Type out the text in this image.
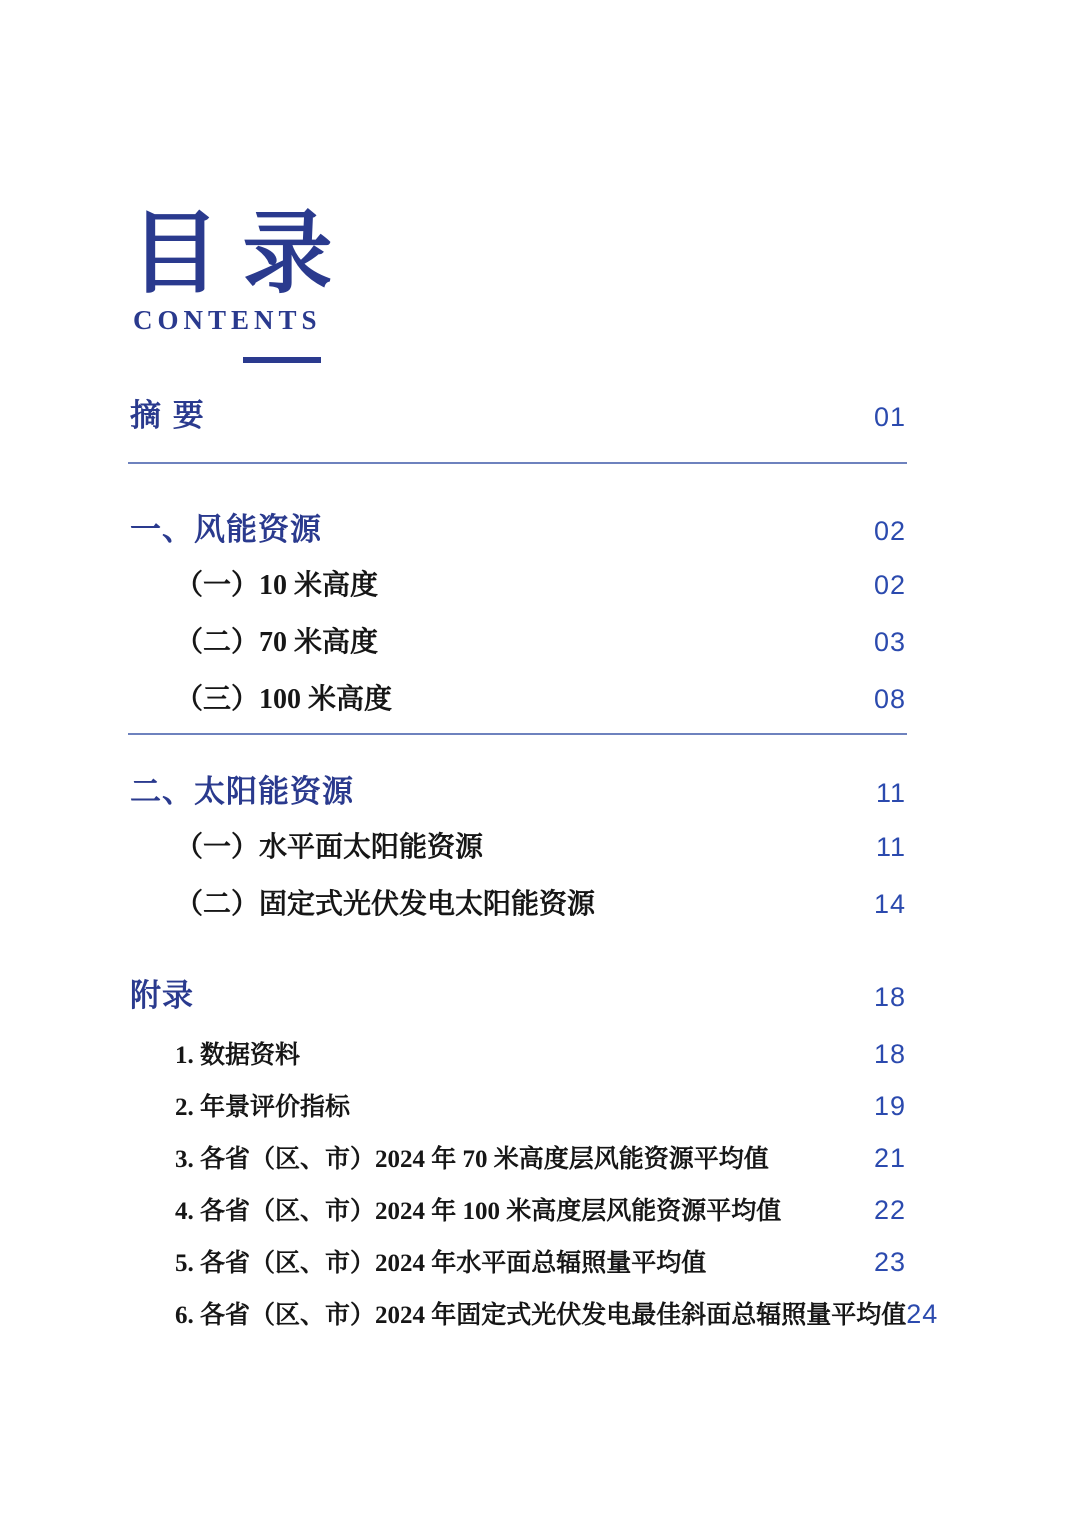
目 录
CONTENTS
摘 要	01
一、风能资源	02
（一）10 米高度	02
（二）70 米高度	03
（三）100 米高度	08
二、太阳能资源	11
（一）水平面太阳能资源	11
（二）固定式光伏发电太阳能资源	14
附录	18
1. 数据资料	18
2. 年景评价指标	19
3. 各省（区、市）2024 年 70 米高度层风能资源平均值	21
4. 各省（区、市）2024 年 100 米高度层风能资源平均值	22
5. 各省（区、市）2024 年水平面总辐照量平均值	23
6. 各省（区、市）2024 年固定式光伏发电最佳斜面总辐照量平均值 24
